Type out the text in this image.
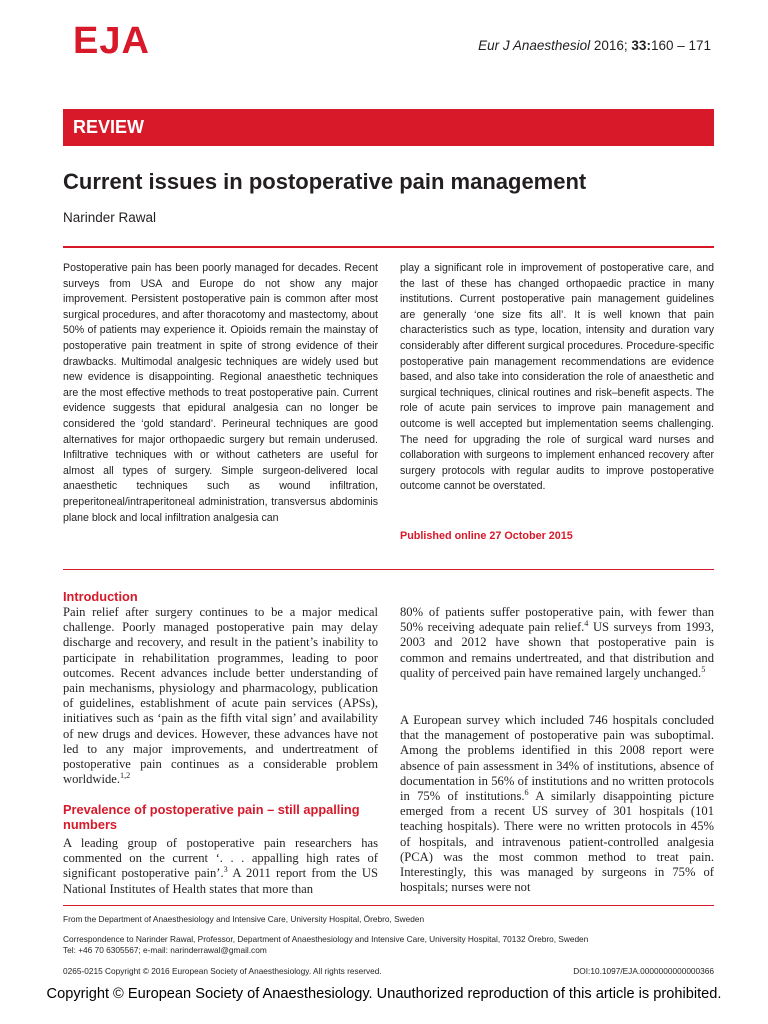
EJA	Eur J Anaesthesiol 2016; 33:160 – 171
REVIEW
Current issues in postoperative pain management
Narinder Rawal
Postoperative pain has been poorly managed for decades. Recent surveys from USA and Europe do not show any major improvement. Persistent postoperative pain is common after most surgical procedures, and after thoracotomy and mastectomy, about 50% of patients may experience it. Opioids remain the mainstay of postoperative pain treatment in spite of strong evidence of their drawbacks. Multimodal analgesic techniques are widely used but new evidence is disappointing. Regional anaesthetic techniques are the most effective methods to treat postoperative pain. Current evidence suggests that epidural analgesia can no longer be considered the ‘gold standard’. Perineural techniques are good alternatives for major orthopaedic surgery but remain underused. Infiltrative techniques with or without catheters are useful for almost all types of surgery. Simple surgeon-delivered local anaesthetic techniques such as wound infiltration, preperitoneal/intraperitoneal administration, transversus abdominis plane block and local infiltration analgesia can
play a significant role in improvement of postoperative care, and the last of these has changed orthopaedic practice in many institutions. Current postoperative pain management guidelines are generally ‘one size fits all’. It is well known that pain characteristics such as type, location, intensity and duration vary considerably after different surgical procedures. Procedure-specific postoperative pain management recommendations are evidence based, and also take into consideration the role of anaesthetic and surgical techniques, clinical routines and risk–benefit aspects. The role of acute pain services to improve pain management and outcome is well accepted but implementation seems challenging. The need for upgrading the role of surgical ward nurses and collaboration with surgeons to implement enhanced recovery after surgery protocols with regular audits to improve postoperative outcome cannot be overstated.
Published online 27 October 2015
Introduction

Pain relief after surgery continues to be a major medical challenge. Poorly managed postoperative pain may delay discharge and recovery, and result in the patient’s inability to participate in rehabilitation programmes, leading to poor outcomes. Recent advances include better understanding of pain mechanisms, physiology and pharmacology, publication of guidelines, establishment of acute pain services (APSs), initiatives such as ‘pain as the fifth vital sign’ and availability of new drugs and devices. However, these advances have not led to any major improvements, and undertreatment of postoperative pain continues as a considerable problem worldwide.$^{1,2}$

Prevalence of postoperative pain – still appalling numbers

A leading group of postoperative pain researchers has commented on the current ‘. . . appalling high rates of significant postoperative pain’.$^3$ A 2011 report from the US National Institutes of Health states that more than

80% of patients suffer postoperative pain, with fewer than 50% receiving adequate pain relief.$^4$ US surveys from 1993, 2003 and 2012 have shown that postoperative pain is common and remains undertreated, and that distribution and quality of perceived pain have remained largely unchanged.$^5$

A European survey which included 746 hospitals concluded that the management of postoperative pain was suboptimal. Among the problems identified in this 2008 report were absence of pain assessment in 34% of institutions, absence of documentation in 56% of institutions and no written protocols in 75% of institutions.$^6$ A similarly disappointing picture emerged from a recent US survey of 301 hospitals (101 teaching hospitals). There were no written protocols in 45% of hospitals, and intravenous patient-controlled analgesia (PCA) was the most common method to treat pain. Interestingly, this was managed by surgeons in 75% of hospitals; nurses were not

From the Department of Anaesthesiology and Intensive Care, University Hospital, Örebro, Sweden
Correspondence to Narinder Rawal, Professor, Department of Anaesthesiology and Intensive Care, University Hospital, 70132 Örebro, Sweden
Tel: +46 70 6305567; e-mail: narinderrawal@gmail.com
0265-0215 Copyright © 2016 European Society of Anaesthesiology. All rights reserved.	DOI:10.1097/EJA.0000000000000366
Copyright © European Society of Anaesthesiology. Unauthorized reproduction of this article is prohibited.
